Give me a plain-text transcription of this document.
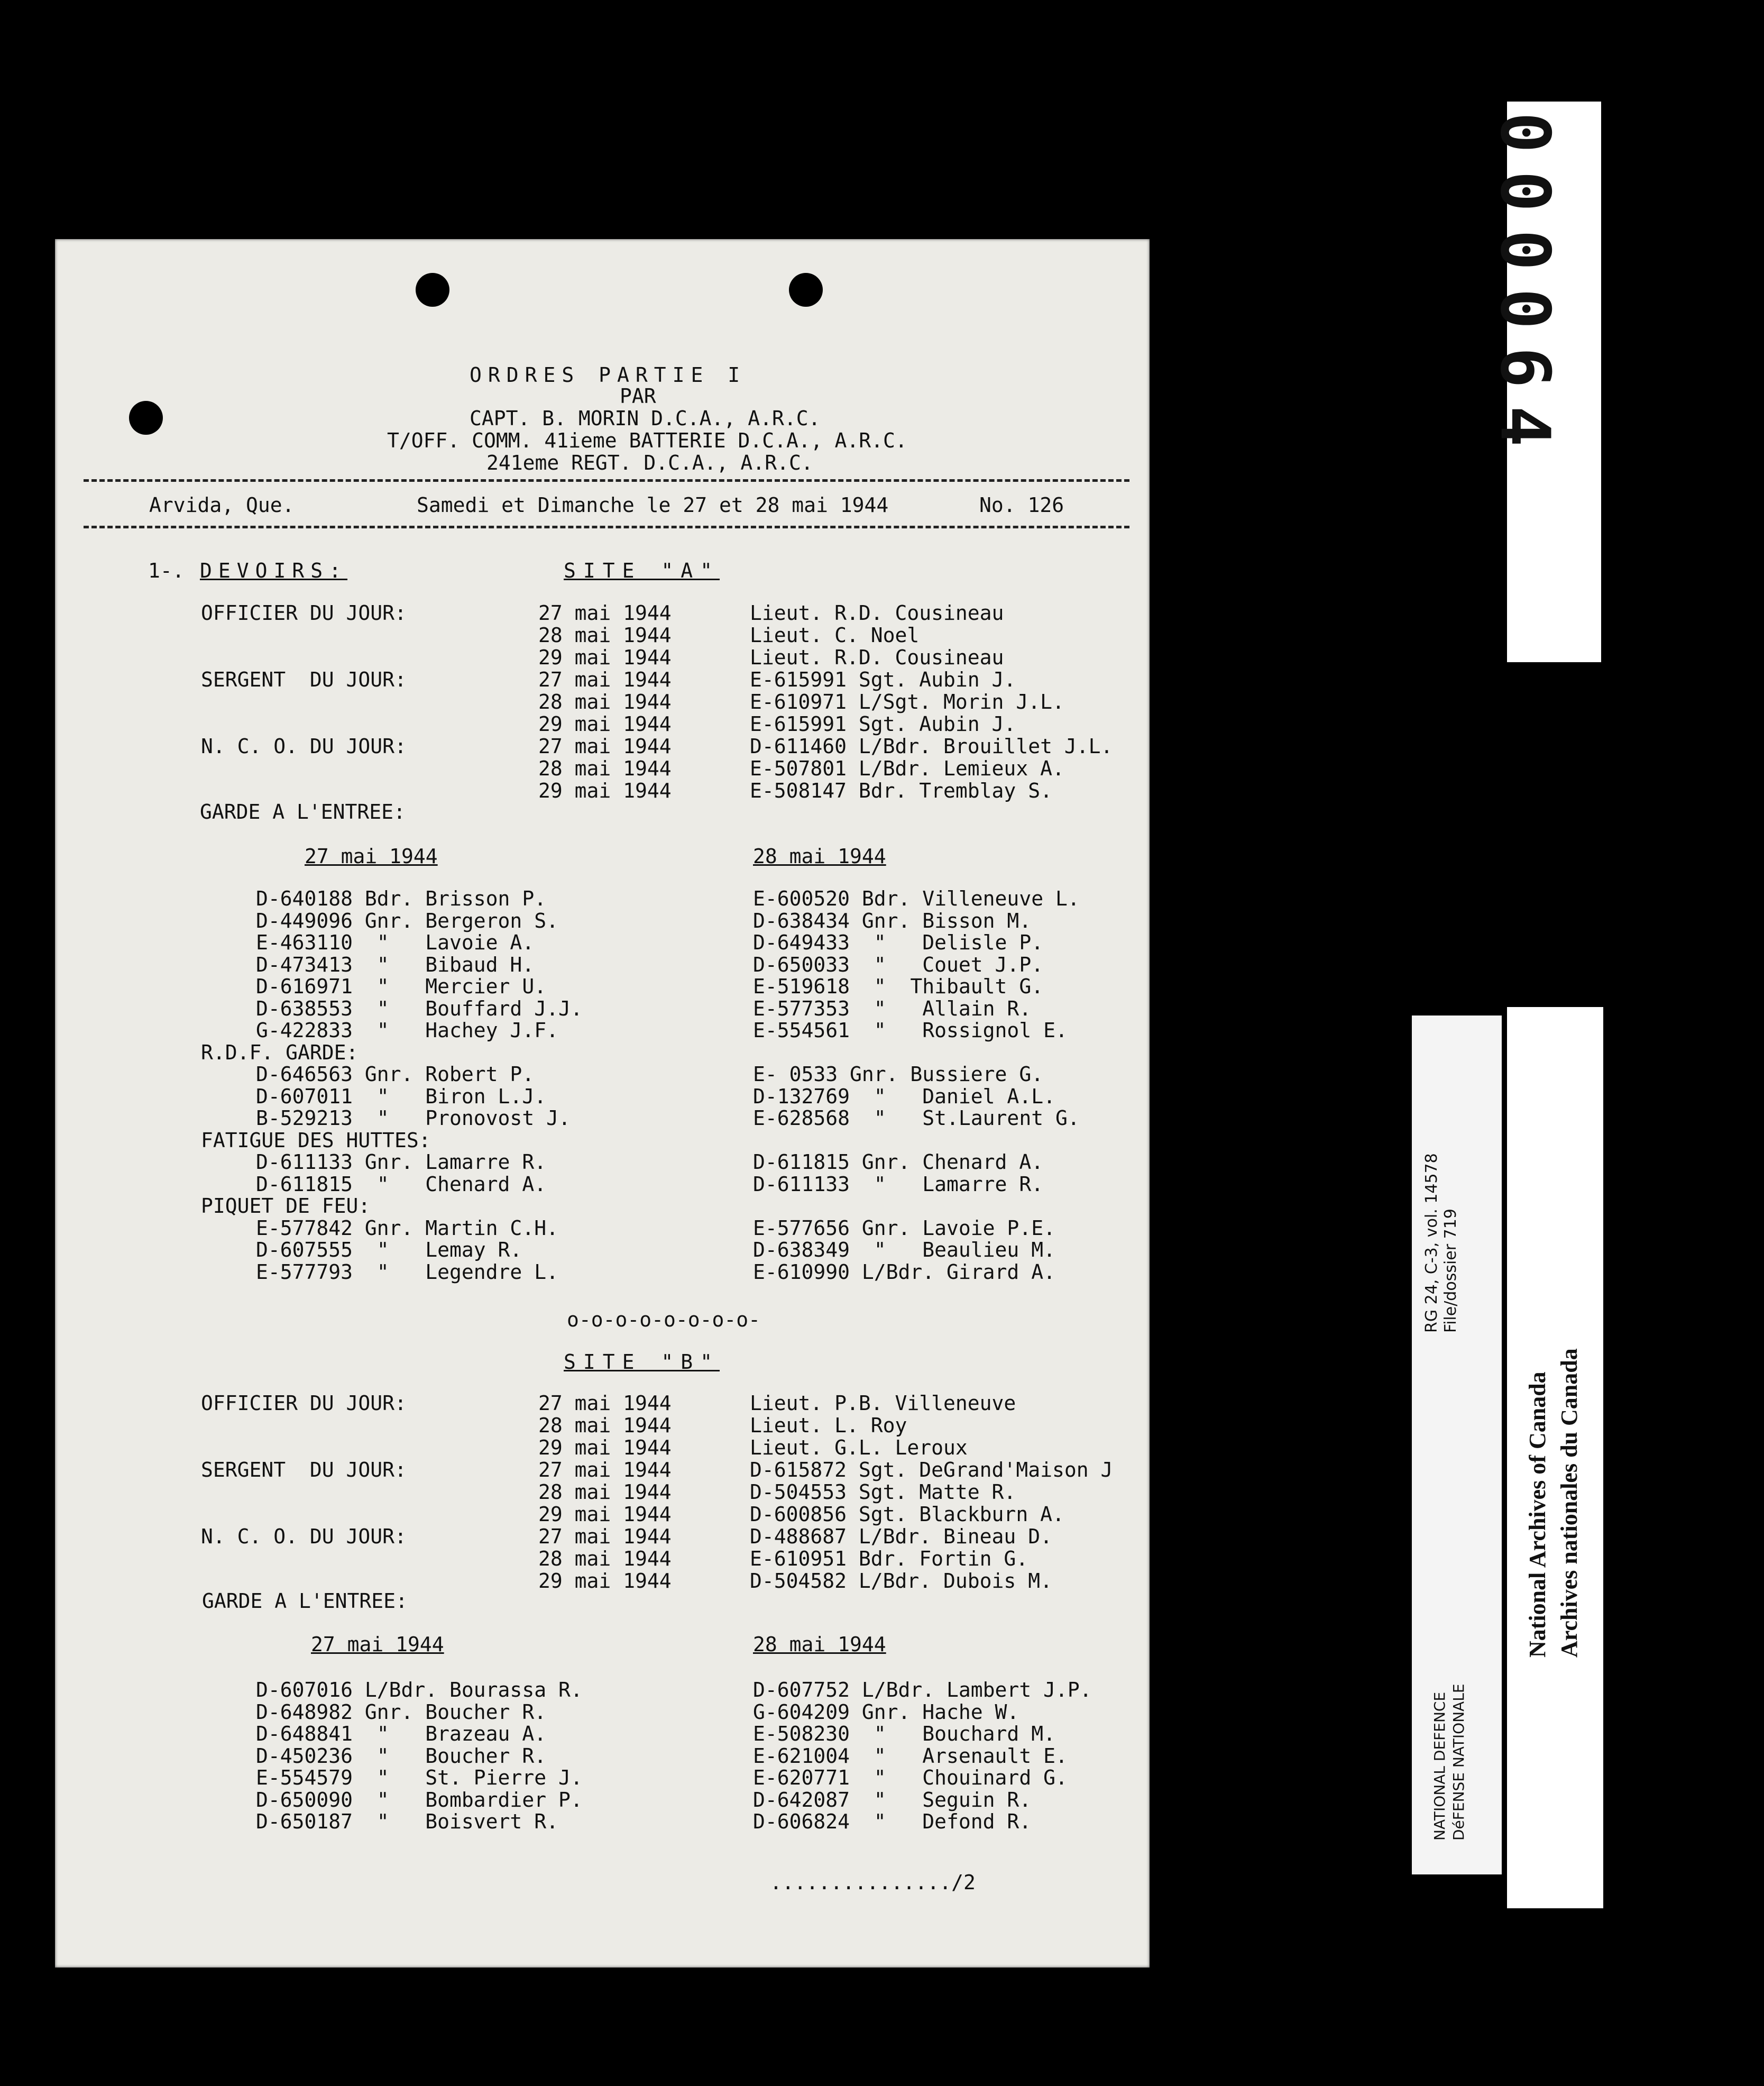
ORDRES PARTIE I
PAR
CAPT. B. MORIN D.C.A., A.R.C.
T/OFF. COMM. 41ieme BATTERIE D.C.A., A.R.C.
241eme REGT. D.C.A., A.R.C.
Arvida, Que.	Samedi et Dimanche le 27 et 28 mai 1944	No. 126
1-. DEVOIRS:	SITE "A"
OFFICIER DU JOUR:	27 mai 1944	Lieut. R.D. Cousineau
28 mai 1944	Lieut. C. Noel
29 mai 1944	Lieut. R.D. Cousineau
SERGENT  DU JOUR:	27 mai 1944	E-615991 Sgt. Aubin J.
28 mai 1944	E-610971 L/Sgt. Morin J.L.
29 mai 1944	E-615991 Sgt. Aubin J.
N. C. O. DU JOUR:	27 mai 1944	D-611460 L/Bdr. Brouillet J.L.
28 mai 1944	E-507801 L/Bdr. Lemieux A.
29 mai 1944	E-508147 Bdr. Tremblay S.
GARDE A L'ENTREE:
27 mai 1944	28 mai 1944
D-640188 Bdr. Brisson P.	E-600520 Bdr. Villeneuve L.
D-449096 Gnr. Bergeron S.	D-638434 Gnr. Bisson M.
E-463110  "   Lavoie A.	D-649433  "   Delisle P.
D-473413  "   Bibaud H.	D-650033  "   Couet J.P.
D-616971  "   Mercier U.	E-519618  "  Thibault G.
D-638553  "   Bouffard J.J.	E-577353  "   Allain R.
G-422833  "   Hachey J.F.	E-554561  "   Rossignol E.
R.D.F. GARDE:
D-646563 Gnr. Robert P.	E- 0533 Gnr. Bussiere G.
D-607011  "   Biron L.J.	D-132769  "   Daniel A.L.
B-529213  "   Pronovost J.	E-628568  "   St.Laurent G.
FATIGUE DES HUTTES:
D-611133 Gnr. Lamarre R.	D-611815 Gnr. Chenard A.
D-611815  "   Chenard A.	D-611133  "   Lamarre R.
PIQUET DE FEU:
E-577842 Gnr. Martin C.H.	E-577656 Gnr. Lavoie P.E.
D-607555  "   Lemay R.	D-638349  "   Beaulieu M.
E-577793  "   Legendre L.	E-610990 L/Bdr. Girard A.
o-o-o-o-o-o-o-o-
SITE "B"
OFFICIER DU JOUR:	27 mai 1944	Lieut. P.B. Villeneuve
28 mai 1944	Lieut. L. Roy
29 mai 1944	Lieut. G.L. Leroux
SERGENT  DU JOUR:	27 mai 1944	D-615872 Sgt. DeGrand'Maison J
28 mai 1944	D-504553 Sgt. Matte R.
29 mai 1944	D-600856 Sgt. Blackburn A.
N. C. O. DU JOUR:	27 mai 1944	D-488687 L/Bdr. Bineau D.
28 mai 1944	E-610951 Bdr. Fortin G.
29 mai 1944	D-504582 L/Bdr. Dubois M.
GARDE A L'ENTREE:
27 mai 1944	28 mai 1944
D-607016 L/Bdr. Bourassa R.	D-607752 L/Bdr. Lambert J.P.
D-648982 Gnr. Boucher R.	G-604209 Gnr. Hache W.
D-648841  "   Brazeau A.	E-508230  "   Bouchard M.
D-450236  "   Boucher R.	E-621004  "   Arsenault E.
E-554579  "   St. Pierre J.	E-620771  "   Chouinard G.
D-650090  "   Bombardier P.	D-642087  "   Seguin R.
D-650187  "   Boisvert R.	D-606824  "   Defond R.
.............../2
000064
RG 24, C-3, vol. 14578 File/dossier 719
NATIONAL DEFENCE DéFENSE NATIONALE
National Archives of Canada Archives nationales du Canada
